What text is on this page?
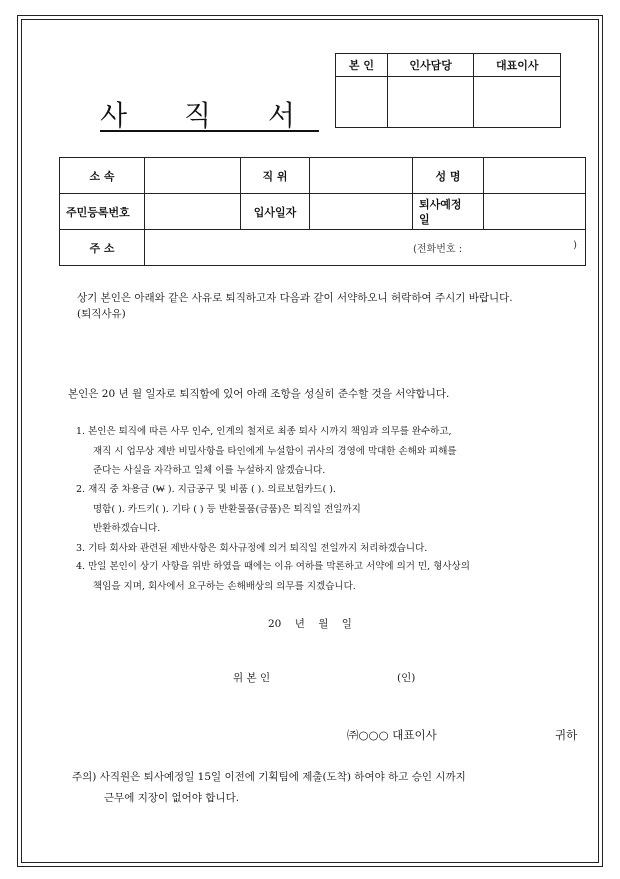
사 직 서
본 인	인사담당	대표이사

소 속		직 위		성 명	
주민등록번호		입사일자		퇴사예정
일	
주 소	(전화번호 : )				
상기 본인은 아래와 같은 사유로 퇴직하고자 다음과 같이 서약하오니 허락하여 주시기 바랍니다.
(퇴직사유)
본인은 20 년 월 일자로 퇴직함에 있어 아래 조항을 성실히 준수할 것을 서약합니다.
1. 본인은 퇴직에 따른 사무 인수, 인계의 철저로 최종 퇴사 시까지 책임과 의무를 완수하고,
재직 시 업무상 제반 비밀사항을 타인에게 누설함이 귀사의 경영에 막대한 손해와 피해를
준다는 사실을 자각하고 일체 이를 누설하지 않겠습니다.
2. 재직 중 차용금 (₩ ). 지급공구 및 비품 ( ). 의료보험카드( ).
명함( ). 카드키( ). 기타 ( ) 등 반환물품(금품)은 퇴직일 전일까지
반환하겠습니다.
3. 기타 회사와 관련된 제반사항은 회사규정에 의거 퇴직일 전일까지 처리하겠습니다.
4. 만일 본인이 상기 사항을 위반 하였을 때에는 이유 여하를 막론하고 서약에 의거 민, 형사상의
책임을 지며, 회사에서 요구하는 손해배상의 의무를 지겠습니다.
20    년    월    일
위 본 인	(인)
㈜○○○ 대표이사	귀하
주의) 사직원은 퇴사예정일 15일 이전에 기획팀에 제출(도착) 하여야 하고 승인 시까지
근무에 지장이 없어야 합니다.
